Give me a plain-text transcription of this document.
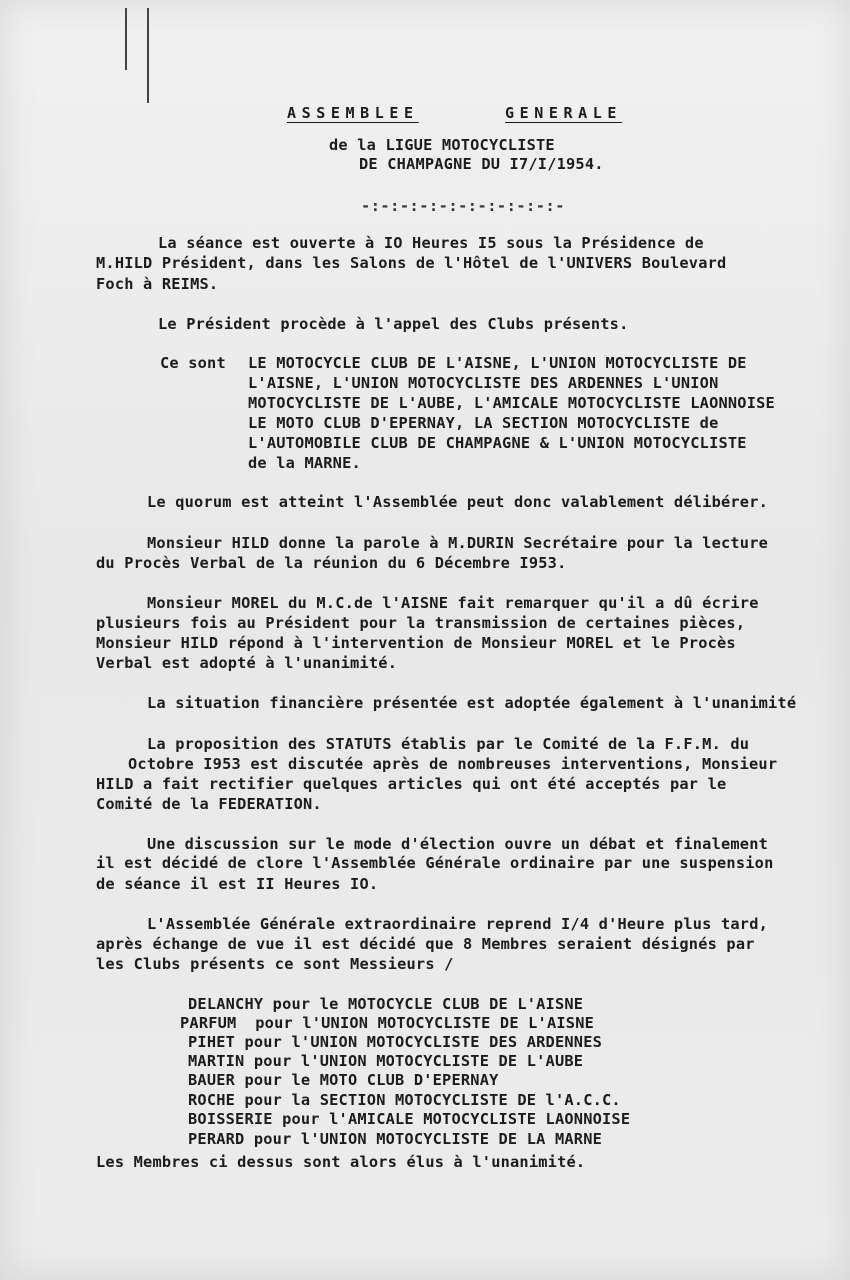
ASSEMBLEE	GENERALE
de la LIGUE MOTOCYCLISTE
DE CHAMPAGNE DU I7/I/1954.
-:-:-:-:-:-:-:-:-:-:-
La séance est ouverte à IO Heures I5 sous la Présidence de
M.HILD Président, dans les Salons de l'Hôtel de l'UNIVERS Boulevard
Foch à REIMS.
Le Président procède à l'appel des Clubs présents.
Ce sont LE MOTOCYCLE CLUB DE L'AISNE, L'UNION MOTOCYCLISTE DE
L'AISNE, L'UNION MOTOCYCLISTE DES ARDENNES L'UNION
MOTOCYCLISTE DE L'AUBE, L'AMICALE MOTOCYCLISTE LAONNOISE
LE MOTO CLUB D'EPERNAY, LA SECTION MOTOCYCLISTE de
L'AUTOMOBILE CLUB DE CHAMPAGNE & L'UNION MOTOCYCLISTE
de la MARNE.
Le quorum est atteint l'Assemblée peut donc valablement délibérer.
Monsieur HILD donne la parole à M.DURIN Secrétaire pour la lecture
du Procès Verbal de la réunion du 6 Décembre I953.
Monsieur MOREL du M.C.de l'AISNE fait remarquer qu'il a dû écrire
plusieurs fois au Président pour la transmission de certaines pièces,
Monsieur HILD répond à l'intervention de Monsieur MOREL et le Procès
Verbal est adopté à l'unanimité.
La situation financière présentée est adoptée également à l'unanimité
La proposition des STATUTS établis par le Comité de la F.F.M. du
Octobre I953 est discutée après de nombreuses interventions, Monsieur
HILD a fait rectifier quelques articles qui ont été acceptés par le
Comité de la FEDERATION.
Une discussion sur le mode d'élection ouvre un débat et finalement
il est décidé de clore l'Assemblée Générale ordinaire par une suspension
de séance il est II Heures IO.
L'Assemblée Générale extraordinaire reprend I/4 d'Heure plus tard,
après échange de vue il est décidé que 8 Membres seraient désignés par
les Clubs présents ce sont Messieurs /
DELANCHY pour le MOTOCYCLE CLUB DE L'AISNE
PARFUM  pour l'UNION MOTOCYCLISTE DE L'AISNE
PIHET pour l'UNION MOTOCYCLISTE DES ARDENNES
MARTIN pour l'UNION MOTOCYCLISTE DE L'AUBE
BAUER pour le MOTO CLUB D'EPERNAY
ROCHE pour la SECTION MOTOCYCLISTE DE l'A.C.C.
BOISSERIE pour l'AMICALE MOTOCYCLISTE LAONNOISE
PERARD pour l'UNION MOTOCYCLISTE DE LA MARNE
Les Membres ci dessus sont alors élus à l'unanimité.
